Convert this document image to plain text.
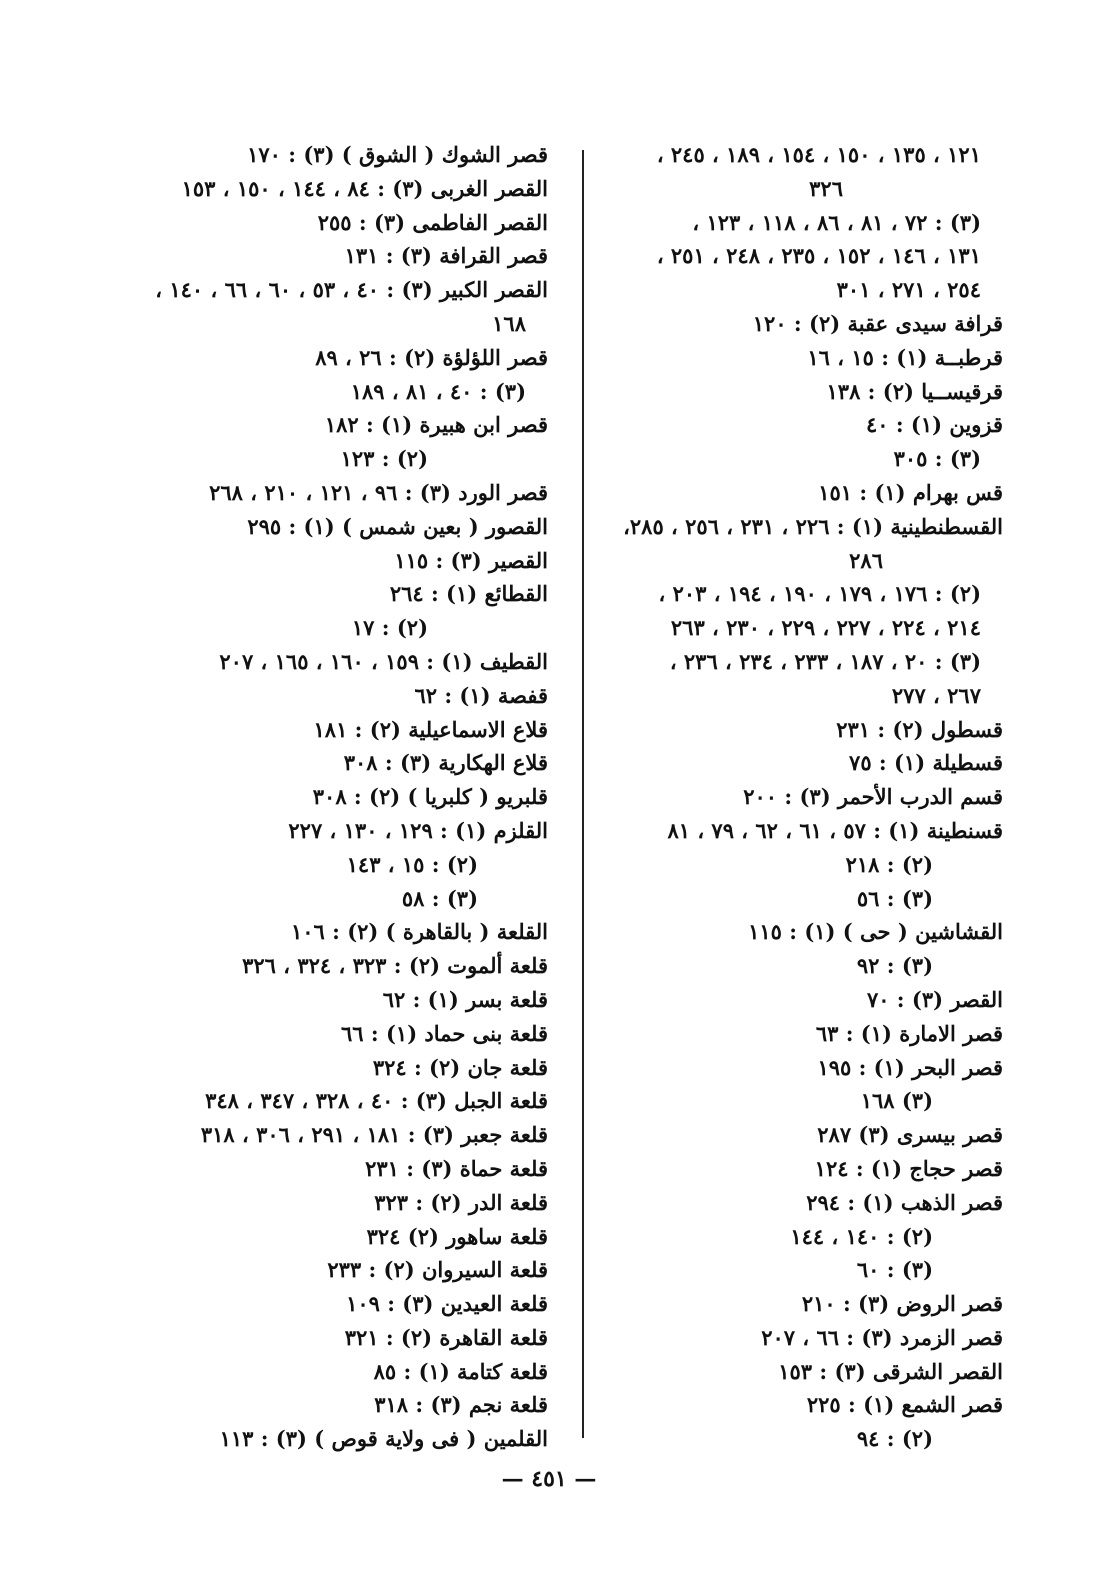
١٢١ ، ١٣٥ ، ١٥٠ ، ١٥٤ ، ١٨٩ ، ٢٤٥ ،
٣٢٦
(٣) : ٧٢ ، ٨١ ، ٨٦ ، ١١٨ ، ١٢٣ ،
١٣١ ، ١٤٦ ، ١٥٢ ، ٢٣٥ ، ٢٤٨ ، ٢٥١ ،
٢٥٤ ، ٢٧١ ، ٣٠١
قرافة سيدى عقبة (٢) : ١٢٠
قرطبــة (١) : ١٥ ، ١٦
قرقيســيا (٢) : ١٣٨
قزوين (١) : ٤٠
(٣) : ٣٠٥
قس بهرام (١) : ١٥١
القسطنطينية (١) : ٢٢٦ ، ٢٣١ ، ٢٥٦ ، ٢٨٥،
٢٨٦
(٢) : ١٧٦ ، ١٧٩ ، ١٩٠ ، ١٩٤ ، ٢٠٣ ،
٢١٤ ، ٢٢٤ ، ٢٢٧ ، ٢٢٩ ، ٢٣٠ ، ٢٦٣
(٣) : ٢٠ ، ١٨٧ ، ٢٣٣ ، ٢٣٤ ، ٢٣٦ ،
٢٦٧ ، ٢٧٧
قسطول (٢) : ٢٣١
قسطيلة (١) : ٧٥
قسم الدرب الأحمر (٣) : ٢٠٠
قسنطينة (١) : ٥٧ ، ٦١ ، ٦٢ ، ٧٩ ، ٨١
(٢) : ٢١٨
(٣) : ٥٦
القشاشين ( حى ) (١) : ١١٥
(٣) : ٩٢
القصر (٣) : ٧٠
قصر الامارة (١) : ٦٣
قصر البحر (١) : ١٩٥
(٣) ١٦٨
قصر بيسرى (٣) ٢٨٧
قصر حجاج (١) : ١٢٤
قصر الذهب (١) : ٢٩٤
(٢) : ١٤٠ ، ١٤٤
(٣) : ٦٠
قصر الروض (٣) : ٢١٠
قصر الزمرد (٣) : ٦٦ ، ٢٠٧
القصر الشرقى (٣) : ١٥٣
قصر الشمع (١) : ٢٢٥
(٢) : ٩٤
قصر الشوك ( الشوق ) (٣) : ١٧٠
القصر الغربى (٣) : ٨٤ ، ١٤٤ ، ١٥٠ ، ١٥٣
القصر الفاطمى (٣) : ٢٥٥
قصر القرافة (٣) : ١٣١
القصر الكبير (٣) : ٤٠ ، ٥٣ ، ٦٠ ، ٦٦ ، ١٤٠ ،
١٦٨
قصر اللؤلؤة (٢) : ٢٦ ، ٨٩
(٣) : ٤٠ ، ٨١ ، ١٨٩
قصر ابن هبيرة (١) : ١٨٢
(٢) : ١٢٣
قصر الورد (٣) : ٩٦ ، ١٢١ ، ٢١٠ ، ٢٦٨
القصور ( بعين شمس ) (١) : ٢٩٥
القصير (٣) : ١١٥
القطائع (١) : ٢٦٤
(٢) : ١٧
القطيف (١) : ١٥٩ ، ١٦٠ ، ١٦٥ ، ٢٠٧
قفصة (١) : ٦٢
قلاع الاسماعيلية (٢) : ١٨١
قلاع الهكارية (٣) : ٣٠٨
قلبريو ( كلبريا ) (٢) : ٣٠٨
القلزم (١) : ١٢٩ ، ١٣٠ ، ٢٢٧
(٢) : ١٥ ، ١٤٣
(٣) : ٥٨
القلعة ( بالقاهرة ) (٢) : ١٠٦
قلعة ألموت (٢) : ٣٢٣ ، ٣٢٤ ، ٣٢٦
قلعة بسر (١) : ٦٢
قلعة بنى حماد (١) : ٦٦
قلعة جان (٢) : ٣٢٤
قلعة الجبل (٣) : ٤٠ ، ٣٢٨ ، ٣٤٧ ، ٣٤٨
قلعة جعبر (٣) : ١٨١ ، ٢٩١ ، ٣٠٦ ، ٣١٨
قلعة حماة (٣) : ٢٣١
قلعة الدر (٢) : ٣٢٣
قلعة ساهور (٢) ٣٢٤
قلعة السيروان (٢) : ٢٣٣
قلعة العيدين (٣) : ١٠٩
قلعة القاهرة (٢) : ٣٢١
قلعة كتامة (١) : ٨٥
قلعة نجم (٣) : ٣١٨
القلمين ( فى ولاية قوص ) (٣) : ١١٣
— ٤٥١ —
